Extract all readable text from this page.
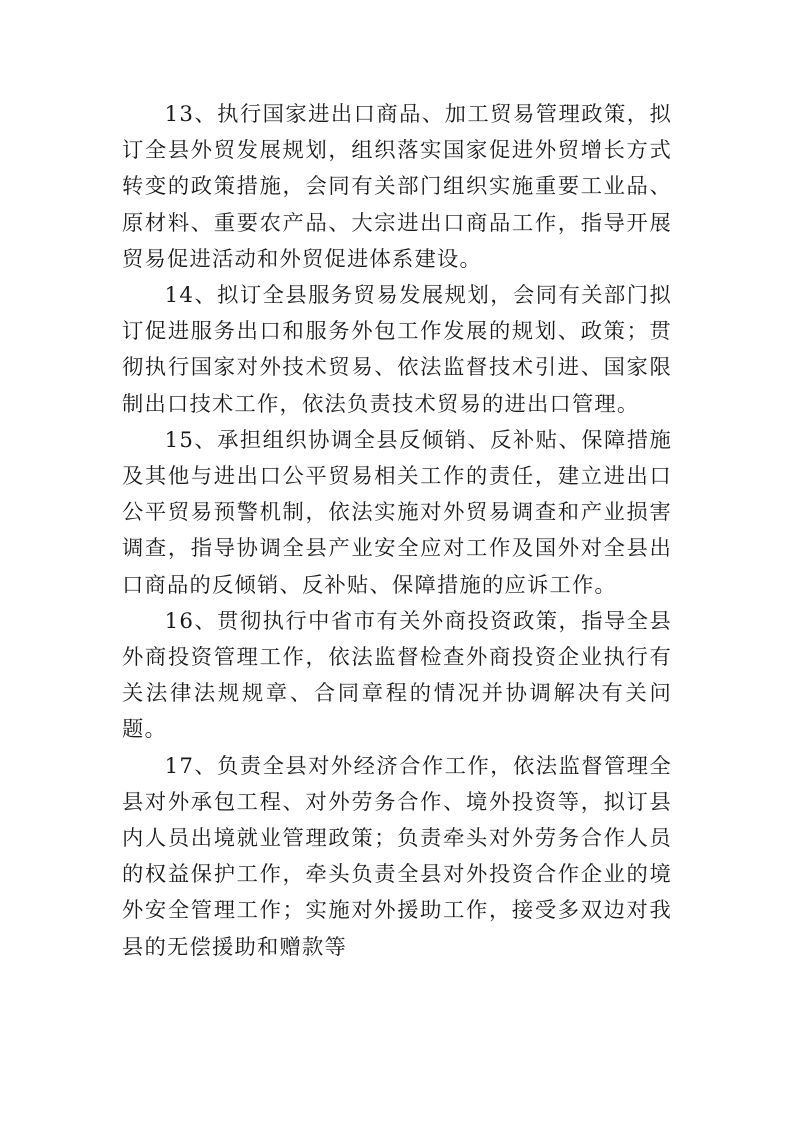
13、执行国家进出口商品、加工贸易管理政策，拟订全县外贸发展规划，组织落实国家促进外贸增长方式转变的政策措施，会同有关部门组织实施重要工业品、原材料、重要农产品、大宗进出口商品工作，指导开展贸易促进活动和外贸促进体系建设。

14、拟订全县服务贸易发展规划，会同有关部门拟订促进服务出口和服务外包工作发展的规划、政策；贯彻执行国家对外技术贸易、依法监督技术引进、国家限制出口技术工作，依法负责技术贸易的进出口管理。

15、承担组织协调全县反倾销、反补贴、保障措施及其他与进出口公平贸易相关工作的责任，建立进出口公平贸易预警机制，依法实施对外贸易调查和产业损害调查，指导协调全县产业安全应对工作及国外对全县出口商品的反倾销、反补贴、保障措施的应诉工作。

16、贯彻执行中省市有关外商投资政策，指导全县外商投资管理工作，依法监督检查外商投资企业执行有关法律法规规章、合同章程的情况并协调解决有关问题。

17、负责全县对外经济合作工作，依法监督管理全县对外承包工程、对外劳务合作、境外投资等，拟订县内人员出境就业管理政策；负责牵头对外劳务合作人员的权益保护工作，牵头负责全县对外投资合作企业的境外安全管理工作；实施对外援助工作，接受多双边对我县的无偿援助和赠款等
